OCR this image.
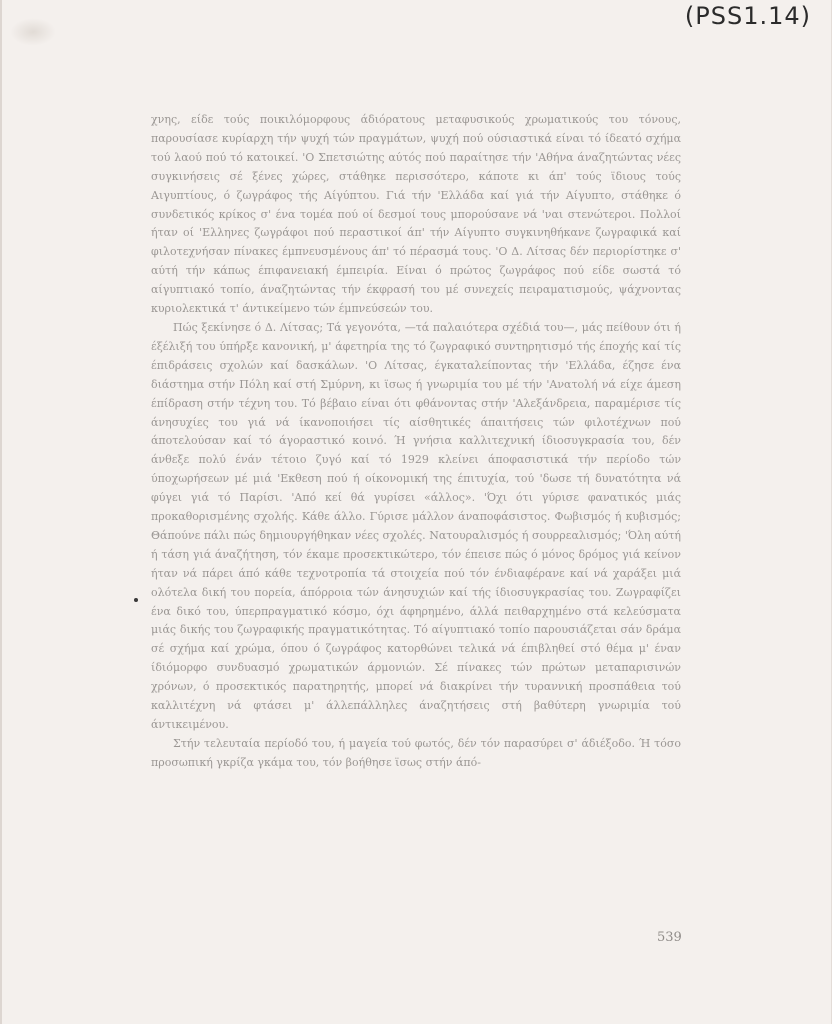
(PSS1.14)

χνης, είδε τούς ποικιλόμορφους άδιόρατους μεταφυσικούς χρωματικούς του τόνους, παρουσίασε κυρίαρχη τήν ψυχή τών πραγμάτων, ψυχή πού ούσιαστικά είναι τό ίδεατό σχήμα τού λαού πού τό κατοικεί. 'Ο Σπετσιώτης αύτός πού παραίτησε τήν 'Αθήνα άναζητώντας νέες συγκινήσεις σέ ξένες χώρες, στάθηκε περισσότερο, κάποτε κι άπ' τούς ϊδιους τούς Αιγυπτίους, ό ζωγράφος τής Αίγύπτου. Γιά τήν 'Ελλάδα καί γιά τήν Αίγυπτο, στάθηκε ό συνδετικός κρίκος σ' ένα τομέα πού οί δεσμοί τους μπορούσανε νά 'ναι στενώτεροι. Πολλοί ήταν οί 'Ελληνες ζωγράφοι πού περαστικοί άπ' τήν Αίγυπτο συγκινηθήκανε ζωγραφικά καί φιλοτεχνήσαν πίνακες έμπνευσμένους άπ' τό πέρασμά τους. 'Ο Δ. Λίτσας δέν περιορίστηκε σ' αύτή τήν κάπως έπιφανειακή έμπειρία. Είναι ό πρώτος ζωγράφος πού είδε σωστά τό αίγυπτιακό τοπίο, άναζητώντας τήν έκφρασή του μέ συνεχείς πειραματισμούς, ψάχνοντας κυριολεκτικά τ' άντικείμενο τών έμπνεύσεών του.

Πώς ξεκίνησε ό Δ. Λίτσας; Τά γεγονότα, —τά παλαιότερα σχέδιά του—, μάς πείθουν ότι ή έξέλιξή του ύπήρξε κανονική, μ' άφετηρία της τό ζωγραφικό συντηρητισμό τής έποχής καί τίς έπιδράσεις σχολών καί δασκάλων. 'Ο Λίτσας, έγκαταλείποντας τήν 'Ελλάδα, έζησε ένα διάστημα στήν Πόλη καί στή Σμύρνη, κι ϊσως ή γνωριμία του μέ τήν 'Ανατολή νά είχε άμεση έπίδραση στήν τέχνη του. Τό βέβαιο είναι ότι φθάνοντας στήν 'Αλεξάνδρεια, παραμέρισε τίς άνησυχίες του γιά νά ίκανοποιήσει τίς αίσθητικές άπαιτήσεις τών φιλοτέχνων πού άποτελούσαν καί τό άγοραστικό κοινό. Ή γνήσια καλλιτεχνική ίδιοσυγκρασία του, δέν άνθεξε πολύ ένάν τέτοιο ζυγό καί τό 1929 κλείνει άποφασιστικά τήν περίοδο τών ύποχωρήσεων μέ μιά 'Εκθεση πού ή οίκονομική της έπιτυχία, τού 'δωσε τή δυνατότητα νά φύγει γιά τό Παρίσι. 'Από κεί θά γυρίσει «άλλος». 'Όχι ότι γύρισε φανατικός μιάς προκαθορισμένης σχολής. Κάθε άλλο. Γύρισε μάλλον άναποφάσιστος. Φωβισμός ή κυβισμός; Θάπούνε πάλι πώς δημιουργήθηκαν νέες σχολές. Νατουραλισμός ή σουρρεαλισμός; 'Όλη αύτή ή τάση γιά άναζήτηση, τόν έκαμε προσεκτικώτερο, τόν έπεισε πώς ό μόνος δρόμος γιά κείνον ήταν νά πάρει άπό κάθε τεχνοτροπία τά στοιχεία πού τόν ένδιαφέρανε καί νά χαράξει μιά ολότελα δική του πορεία, άπόρροια τών άνησυχιών καί τής ίδιοσυγκρασίας του. Ζωγραφίζει ένα δικό του, ύπερπραγματικό κόσμο, όχι άφηρημένο, άλλά πειθαρχημένο στά κελεύσματα μιάς δικής του ζωγραφικής πραγματικότητας. Τό αίγυπτιακό τοπίο παρουσιάζεται σάν δράμα σέ σχήμα καί χρώμα, όπου ό ζωγράφος κατορθώνει τελικά νά έπιβληθεί στό θέμα μ' έναν ίδιόμορφο συνδυασμό χρωματικών άρμονιών. Σέ πίνακες τών πρώτων μεταπαρισινών χρόνων, ό προσεκτικός παρατηρητής, μπορεί νά διακρίνει τήν τυραννική προσπάθεια τού καλλιτέχνη νά φτάσει μ' άλλεπάλληλες άναζητήσεις στή βαθύτερη γνωριμία τού άντικειμένου.

Στήν τελευταία περίοδό του, ή μαγεία τού φωτός, δέν τόν παρασύρει σ' άδιέξοδο. Ή τόσο προσωπική γκρίζα γκάμα του, τόν βοήθησε ϊσως στήν άπό-

539
